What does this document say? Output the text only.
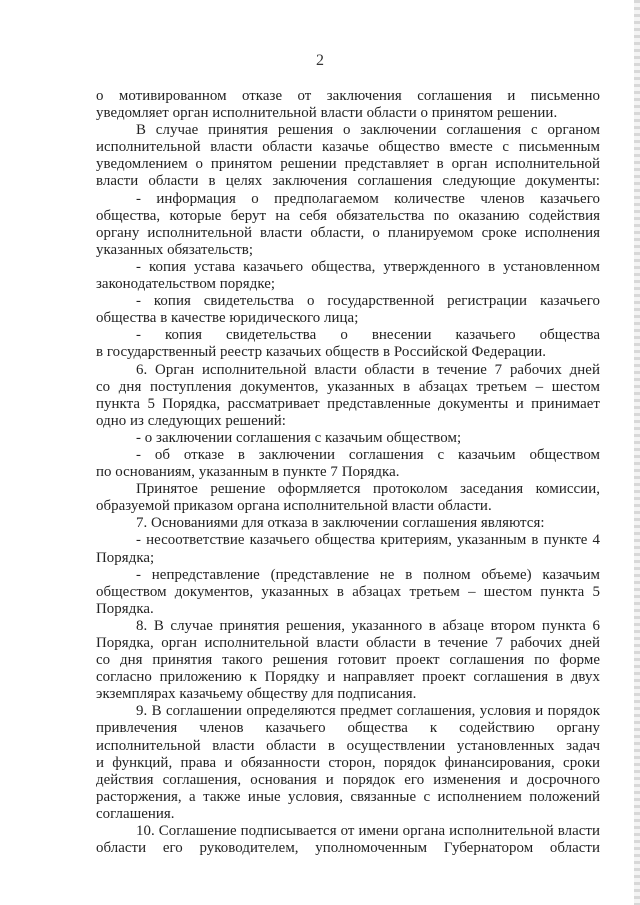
2

о мотивированном отказе от заключения соглашения и письменно

уведомляет орган исполнительной власти области о принятом решении.

В случае принятия решения о заключении соглашения с органом

исполнительной власти области казачье общество вместе с письменным

уведомлением о принятом решении представляет в орган исполнительной

власти области в целях заключения соглашения следующие документы:

- информация о предполагаемом количестве членов казачьего

общества, которые берут на себя обязательства по оказанию содействия

органу исполнительной власти области, о планируемом сроке исполнения

указанных обязательств;

- копия устава казачьего общества, утвержденного в установленном

законодательством порядке;

- копия свидетельства о государственной регистрации казачьего

общества в качестве юридического лица;

- копия свидетельства о внесении казачьего общества

в государственный реестр казачьих обществ в Российской Федерации.

6. Орган исполнительной власти области в течение 7 рабочих дней

со дня поступления документов, указанных в абзацах третьем – шестом

пункта 5 Порядка, рассматривает представленные документы и принимает

одно из следующих решений:

- о заключении соглашения с казачьим обществом;

- об отказе в заключении соглашения с казачьим обществом

по основаниям, указанным в пункте 7 Порядка.

Принятое решение оформляется протоколом заседания комиссии,

образуемой приказом органа исполнительной власти области.

7. Основаниями для отказа в заключении соглашения являются:

- несоответствие казачьего общества критериям, указанным в пункте 4

Порядка;

- непредставление (представление не в полном объеме) казачьим

обществом документов, указанных в абзацах третьем – шестом пункта 5

Порядка.

8. В случае принятия решения, указанного в абзаце втором пункта 6

Порядка, орган исполнительной власти области в течение 7 рабочих дней

со дня принятия такого решения готовит проект соглашения по форме

согласно приложению к Порядку и направляет проект соглашения в двух

экземплярах казачьему обществу для подписания.

9. В соглашении определяются предмет соглашения, условия и порядок

привлечения членов казачьего общества к содействию органу

исполнительной власти области в осуществлении установленных задач

и функций, права и обязанности сторон, порядок финансирования, сроки

действия соглашения, основания и порядок его изменения и досрочного

расторжения, а также иные условия, связанные с исполнением положений

соглашения.

10. Соглашение подписывается от имени органа исполнительной власти

области его руководителем, уполномоченным Губернатором области
